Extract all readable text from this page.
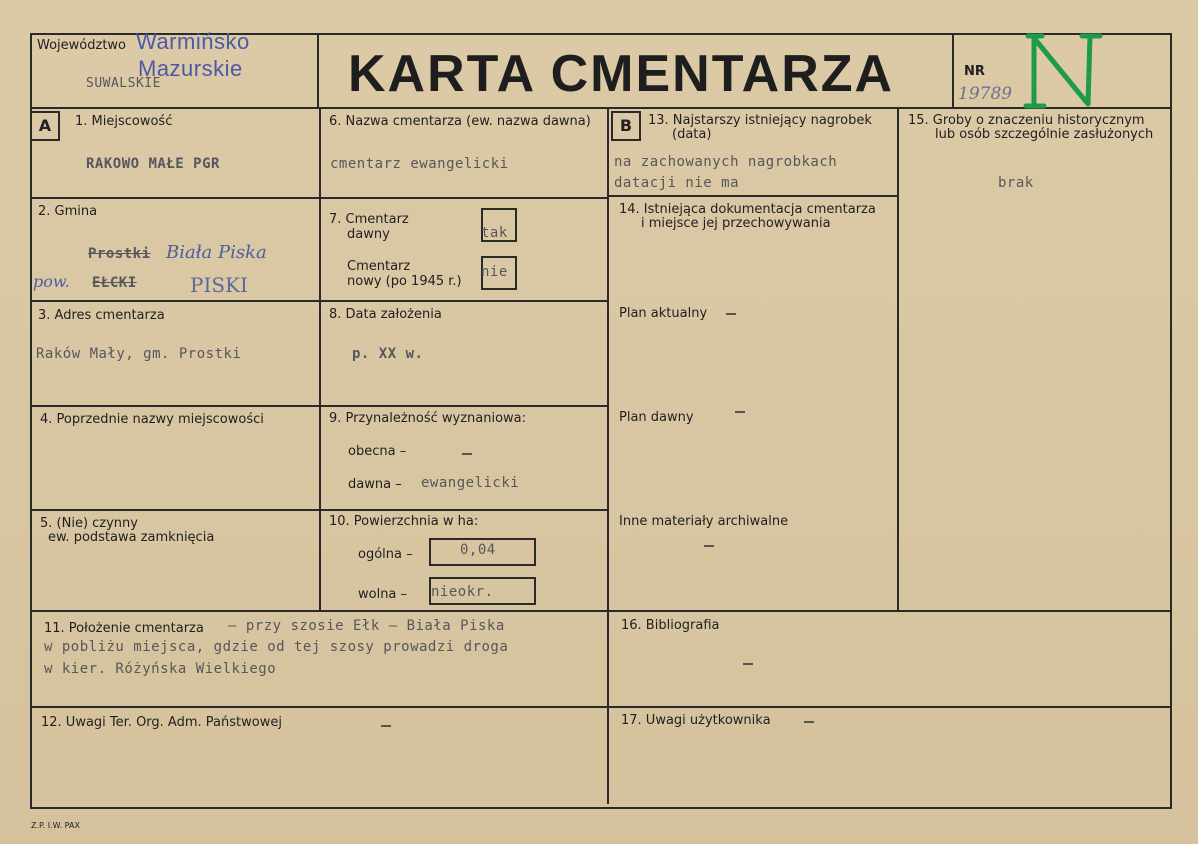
Województwo Warmińsko
Mazurskie
SUWALSKIE	KARTA CMENTARZA	NR
19789
A	B
1. Miejscowość
RAKOWO MAŁE PGR
2. Gmina
Prostki Biała Piska
pow. EŁCKI	PISKI
3. Adres cmentarza
Raków Mały, gm. Prostki
4. Poprzednie nazwy miejscowości
5. (Nie) czynny
ew. podstawa zamknięcia
6. Nazwa cmentarza (ew. nazwa dawna)
cmentarz ewangelicki
7. Cmentarz
dawny	tak
Cmentarz
nowy (po 1945 r.)
nie
8. Data założenia
p. XX w.
9. Przynależność wyznaniowa:
obecna –
dawna – ewangelicki
10. Powierzchnia w ha:
ogólna –	0,04
wolna – nieokr.
13. Najstarszy istniejący nagrobek
(data)
na zachowanych nagrobkach
datacji nie ma
14. Istniejąca dokumentacja cmentarza
i miejsce jej przechowywania
Plan aktualny
Plan dawny
Inne materiały archiwalne
15. Groby o znaczeniu historycznym
lub osób szczególnie zasłużonych
brak
11. Położenie cmentarza – przy szosie Ełk – Biała Piska
w pobliżu miejsca, gdzie od tej szosy prowadzi droga
w kier. Różyńska Wielkiego
16. Bibliografia
12. Uwagi Ter. Org. Adm. Państwowej	17. Uwagi użytkownika
Z.P. I.W. PAX
